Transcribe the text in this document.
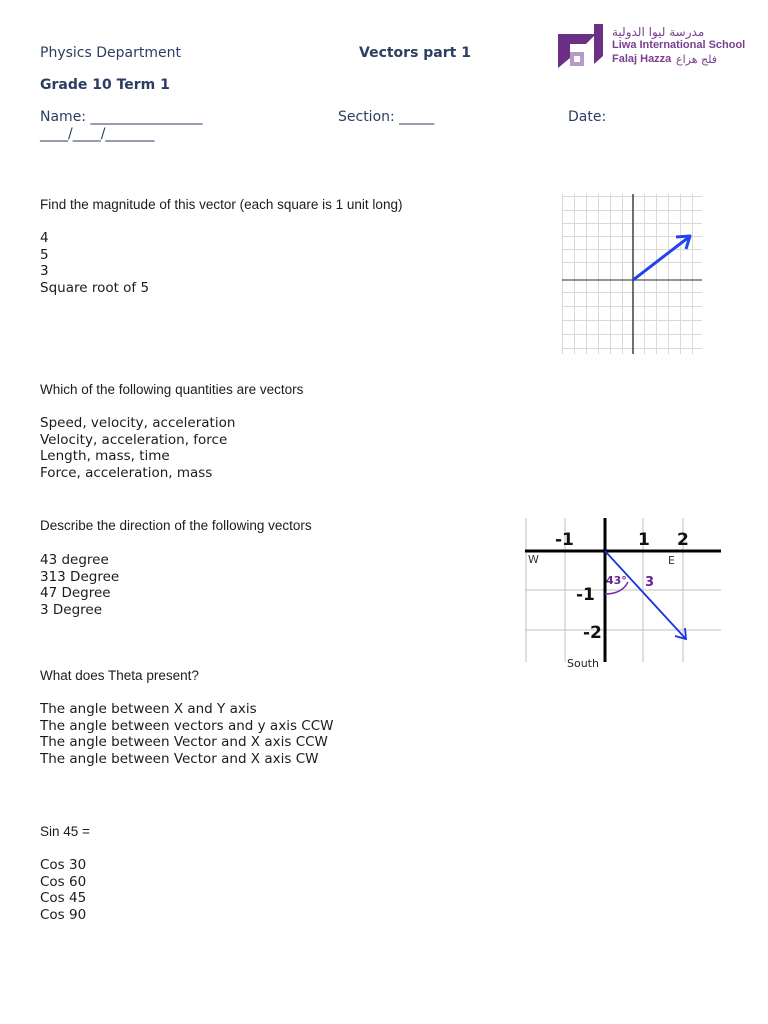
Physics Department	Vectors part 1
Grade 10 Term 1
Name: ________________	Section: _____	Date:
____/____/_______
مدرسة ليوا الدولية
Liwa International School
Falaj Hazza فلج هزاع
Find the magnitude of this vector (each square is 1 unit long)
4
5
3
Square root of 5
Which of the following quantities are vectors
Speed, velocity, acceleration
Velocity, acceleration, force
Length, mass, time
Force, acceleration, mass
Describe the direction of the following vectors
43 degree
313 Degree
47 Degree
3 Degree
-1	1 2
-1
-2
W	E
43° 3
South
What does Theta present?
The angle between X and Y axis
The angle between vectors and y axis CCW
The angle between Vector and X axis CCW
The angle between Vector and X axis CW
Sin 45 =
Cos 30
Cos 60
Cos 45
Cos 90
